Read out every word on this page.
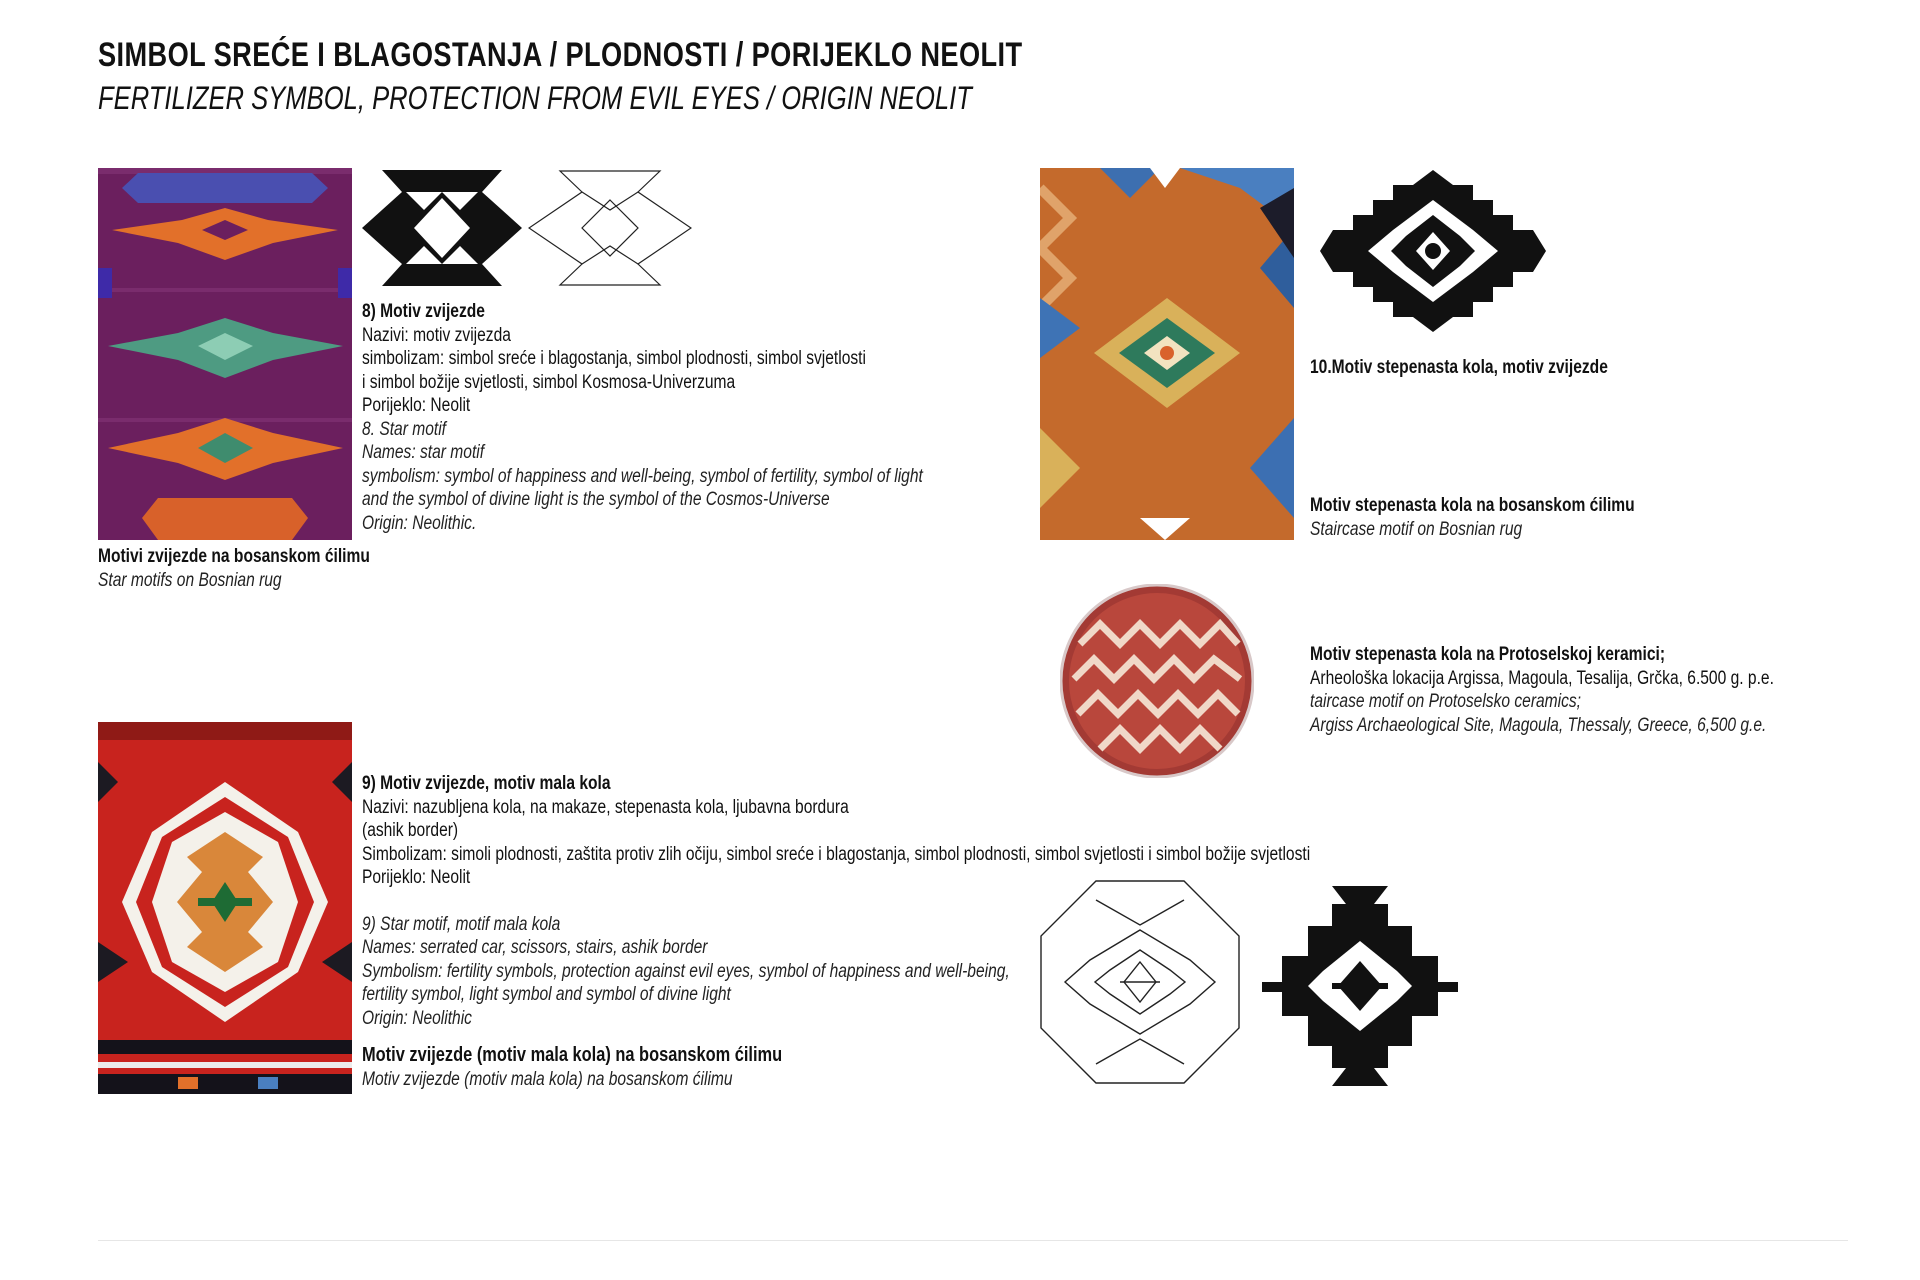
SIMBOL SREĆE I BLAGOSTANJA / PLODNOSTI / PORIJEKLO NEOLIT
FERTILIZER SYMBOL, PROTECTION FROM EVIL EYES / ORIGIN NEOLIT
8) Motiv zvijezde
Nazivi: motiv zvijezda
simbolizam: simbol sreće i blagostanja, simbol plodnosti, simbol svjetlosti
i simbol božije svjetlosti, simbol Kosmosa-Univerzuma
Porijeklo: Neolit
8. Star motif
Names: star motif
symbolism: symbol of happiness and well-being, symbol of fertility, symbol of light
and the symbol of divine light is the symbol of the Cosmos-Universe
Origin: Neolithic.
Motivi zvijezde na bosanskom ćilimu
Star motifs on Bosnian rug
10.Motiv stepenasta kola, motiv zvijezde
Motiv stepenasta kola na bosanskom ćilimu
Staircase motif on Bosnian rug
Motiv stepenasta kola na Protoselskoj keramici;
Arheološka lokacija Argissa, Magoula, Tesalija, Grčka, 6.500 g. p.e.
taircase motif on Protoselsko ceramics;
Argiss Archaeological Site, Magoula, Thessaly, Greece, 6,500 g.e.
9) Motiv zvijezde, motiv mala kola
Nazivi: nazubljena kola, na makaze, stepenasta kola, ljubavna bordura
(ashik border)
Simbolizam: simoli plodnosti, zaštita protiv zlih očiju, simbol sreće i blagostanja, simbol plodnosti, simbol svjetlosti i simbol božije svjetlosti
Porijeklo: Neolit
9) Star motif, motif mala kola
Names: serrated car, scissors, stairs, ashik border
Symbolism: fertility symbols, protection against evil eyes, symbol of happiness and well-being,
fertility symbol, light symbol and symbol of divine light
Origin: Neolithic
Motiv zvijezde (motiv mala kola) na bosanskom ćilimu
Motiv zvijezde (motiv mala kola) na bosanskom ćilimu
